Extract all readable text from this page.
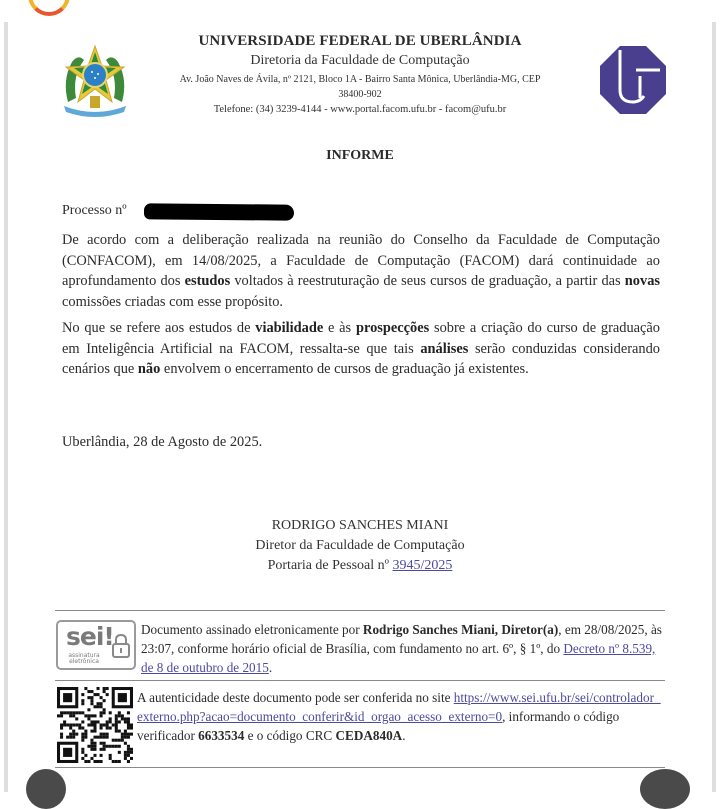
UNIVERSIDADE FEDERAL DE UBERLÂNDIA
Diretoria da Faculdade de Computação
Av. João Naves de Ávila, nº 2121, Bloco 1A - Bairro Santa Mônica, Uberlândia-MG, CEP
38400-902
Telefone: (34) 3239-4144 - www.portal.facom.ufu.br - facom@ufu.br
INFORME
Processo nº
De acordo com a deliberação realizada na reunião do Conselho da Faculdade de Computação (CONFACOM), em 14/08/2025, a Faculdade de Computação (FACOM) dará continuidade ao aprofundamento dos estudos voltados à reestruturação de seus cursos de graduação, a partir das novas comissões criadas com esse propósito.
No que se refere aos estudos de viabilidade e às prospecções sobre a criação do curso de graduação em Inteligência Artificial na FACOM, ressalta-se que tais análises serão conduzidas considerando cenários que não envolvem o encerramento de cursos de graduação já existentes.
Uberlândia, 28 de Agosto de 2025.
RODRIGO SANCHES MIANI
Diretor da Faculdade de Computação
Portaria de Pessoal nº 3945/2025
sei!
assinatura
eletrônica
Documento assinado eletronicamente por Rodrigo Sanches Miani, Diretor(a), em 28/08/2025, às 23:07, conforme horário oficial de Brasília, com fundamento no art. 6º, § 1º, do Decreto nº 8.539, de 8 de outubro de 2015.
A autenticidade deste documento pode ser conferida no site https://www.sei.ufu.br/sei/controlador_externo.php?acao=documento_conferir&id_orgao_acesso_externo=0, informando o código verificador 6633534 e o código CRC CEDA840A.
